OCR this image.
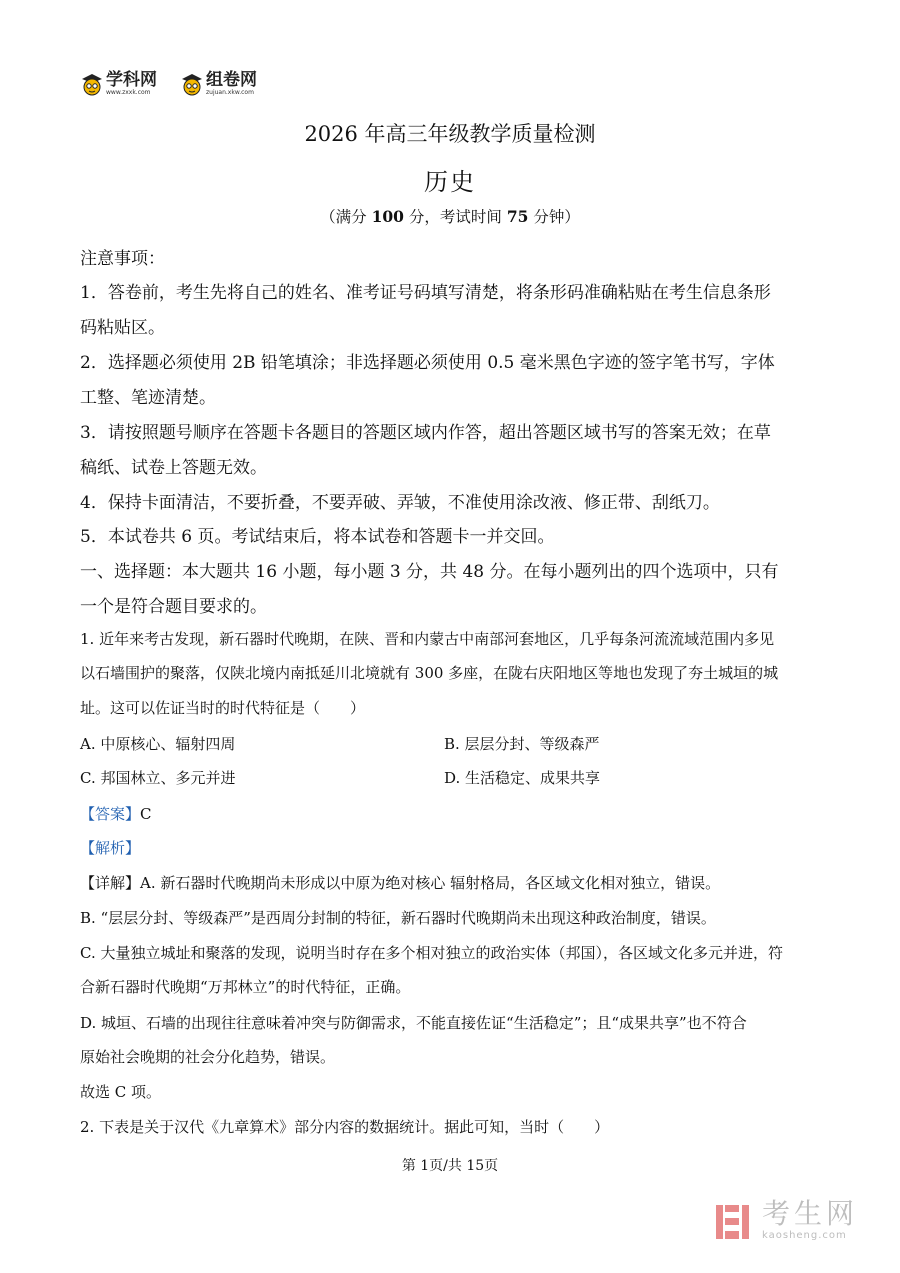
学科网
www.zxxk.com
组卷网
zujuan.xkw.com
2026 年高三年级教学质量检测
历史
（满分 100 分，考试时间 75 分钟）
注意事项：
1．答卷前，考生先将自己的姓名、准考证号码填写清楚，将条形码准确粘贴在考生信息条形
码粘贴区。
2．选择题必须使用 2B 铅笔填涂；非选择题必须使用 0.5 毫米黑色字迹的签字笔书写，字体
工整、笔迹清楚。
3．请按照题号顺序在答题卡各题目的答题区域内作答，超出答题区域书写的答案无效；在草
稿纸、试卷上答题无效。
4．保持卡面清洁，不要折叠，不要弄破、弄皱，不准使用涂改液、修正带、刮纸刀。
5．本试卷共 6 页。考试结束后，将本试卷和答题卡一并交回。
一、选择题：本大题共 16 小题，每小题 3 分，共 48 分。在每小题列出的四个选项中，只有
一个是符合题目要求的。
1. 近年来考古发现，新石器时代晚期，在陕、晋和内蒙古中南部河套地区，几乎每条河流流域范围内多见
以石墙围护的聚落，仅陕北境内南抵延川北境就有 300 多座，在陇右庆阳地区等地也发现了夯土城垣的城
址。这可以佐证当时的时代特征是（　　）
A. 中原核心、辐射四周	B. 层层分封、等级森严
C. 邦国林立、多元并进	D. 生活稳定、成果共享
【答案】C
【解析】
【详解】A. 新石器时代晚期尚未形成以中原为绝对核心 辐射格局，各区域文化相对独立，错误。
B. “层层分封、等级森严”是西周分封制的特征，新石器时代晚期尚未出现这种政治制度，错误。
C. 大量独立城址和聚落的发现，说明当时存在多个相对独立的政治实体（邦国），各区域文化多元并进，符
合新石器时代晚期“万邦林立”的时代特征，正确。
D. 城垣、石墙的出现往往意味着冲突与防御需求，不能直接佐证“生活稳定”；且“成果共享”也不符合
原始社会晚期的社会分化趋势，错误。
故选 C 项。
2. 下表是关于汉代《九章算术》部分内容的数据统计。据此可知，当时（　　）
第 1页/共 15页
考生网
kaosheng.com
